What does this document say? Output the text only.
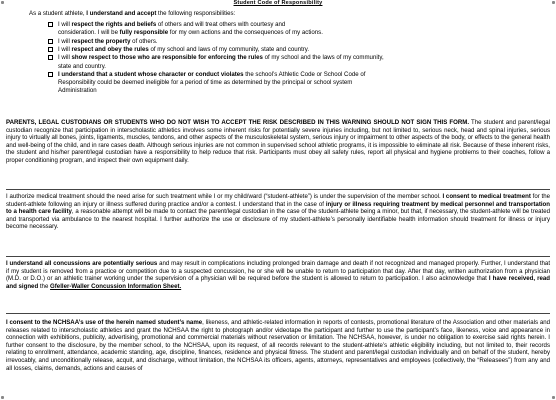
Student Code of Responsibility
As a student athlete, I understand and accept the following responsibilities:
I will respect the rights and beliefs of others and will treat others with courtesy and
consideration. I will be fully responsible for my own actions and the consequences of my actions.
I will respect the property of others.
I will respect and obey the rules of my school and laws of my community, state and country.
I will show respect to those who are responsible for enforcing the rules of my school and the laws of my community,
state and country.
I understand that a student whose character or conduct violates the school’s Athletic Code or School Code of
Responsibility could be deemed ineligible for a period of time as determined by the principal or school system
Administration
PARENTS, LEGAL CUSTODIANS OR STUDENTS WHO DO NOT WISH TO ACCEPT THE RISK DESCRIBED IN THIS WARNING SHOULD NOT SIGN THIS FORM. The student and parent/legal custodian recognize that participation in interscholastic athletics involves some inherent risks for potentially severe injuries including, but not limited to, serious neck, head and spinal injuries, serious injury to virtually all bones, joints, ligaments, muscles, tendons, and other aspects of the musculoskeletal system, serious injury or impairment to other aspects of the body, or effects to the general health and well-being of the child, and in rare cases death. Although serious injuries are not common in supervised school athletic programs, it is impossible to eliminate all risk. Because of these inherent risks, the student and his/her parent/legal custodian have a responsibility to help reduce that risk. Participants must obey all safety rules, report all physical and hygiene problems to their coaches, follow a proper conditioning program, and inspect their own equipment daily.
I authorize medical treatment should the need arise for such treatment while I or my child/ward (“student-athlete”) is under the supervision of the member school. I consent to medical treatment for the student-athlete following an injury or illness suffered during practice and/or a contest. I understand that in the case of injury or illness requiring treatment by medical personnel and transportation to a health care facility, a reasonable attempt will be made to contact the parent/legal custodian in the case of the student-athlete being a minor, but that, if necessary, the student-athlete will be treated and transported via ambulance to the nearest hospital. I further authorize the use or disclosure of my student-athlete’s personally identifiable health information should treatment for illness or injury become necessary.
I understand all concussions are potentially serious and may result in complications including prolonged brain damage and death if not recognized and managed properly. Further, I understand that if my student is removed from a practice or competition due to a suspected concussion, he or she will be unable to return to participation that day. After that day, written authorization from a physician (M.D. or D.O.) or an athletic trainer working under the supervision of a physician will be required before the student is allowed to return to participation. I also acknowledge that I have received, read and signed the Gfeller-Waller Concussion Information Sheet.
I consent to the NCHSAA’s use of the herein named student’s name, likeness, and athletic-related information in reports of contests, promotional literature of the Association and other materials and releases related to interscholastic athletics and grant the NCHSAA the right to photograph and/or videotape the participant and further to use the participant’s face, likeness, voice and appearance in connection with exhibitions, publicity, advertising, promotional and commercial materials without reservation or limitation. The NCHSAA, however, is under no obligation to exercise said rights herein. I further consent to the disclosure, by the member school, to the NCHSAA, upon its request, of all records relevant to the student-athlete’s athletic eligibility including, but not limited to, their records relating to enrollment, attendance, academic standing, age, discipline, finances, residence and physical fitness. The student and parent/legal custodian individually and on behalf of the student, hereby irrevocably, and unconditionally release, acquit, and discharge, without limitation, the NCHSAA its officers, agents, attorneys, representatives and employees (collectively, the “Releasees”) from any and all losses, claims, demands, actions and causes of
